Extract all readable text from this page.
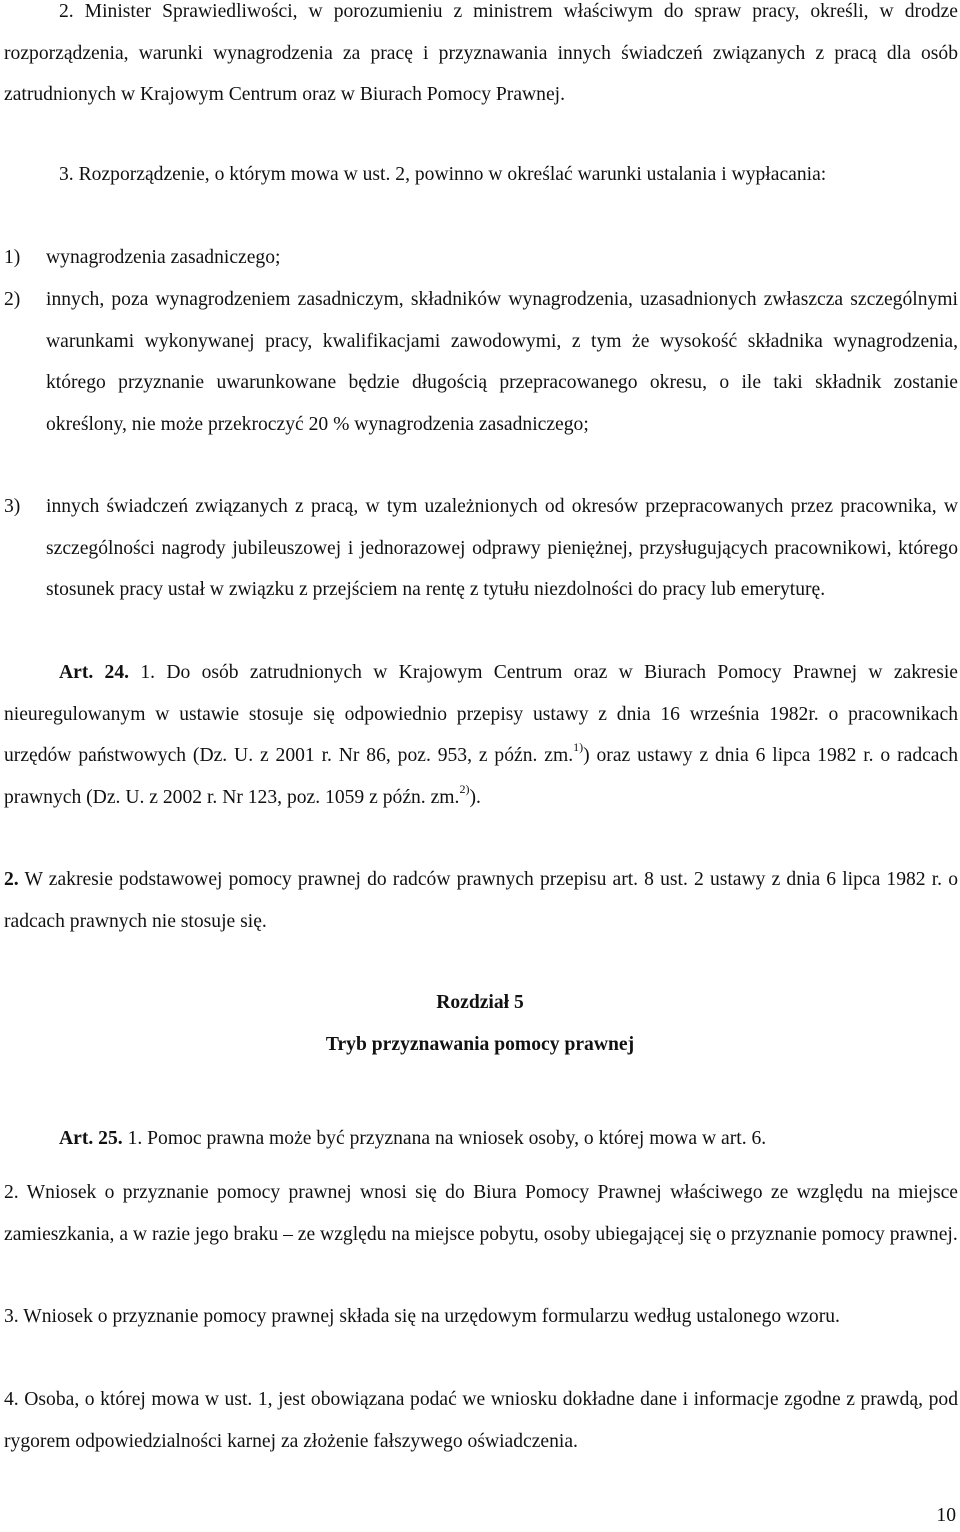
2. Minister Sprawiedliwości, w porozumieniu z ministrem właściwym do spraw pracy, określi, w drodze rozporządzenia, warunki wynagrodzenia za pracę i przyznawania innych świadczeń związanych z pracą dla osób zatrudnionych w Krajowym Centrum oraz w Biurach Pomocy Prawnej.

3. Rozporządzenie, o którym mowa w ust. 2, powinno w określać warunki ustalania i wypłacania:

1) wynagrodzenia zasadniczego;

2) innych, poza wynagrodzeniem zasadniczym, składników wynagrodzenia, uzasadnionych zwłaszcza szczególnymi warunkami wykonywanej pracy, kwalifikacjami zawodowymi, z tym że wysokość składnika wynagrodzenia, którego przyznanie uwarunkowane będzie długością przepracowanego okresu, o ile taki składnik zostanie określony, nie może przekroczyć 20 % wynagrodzenia zasadniczego;

3) innych świadczeń związanych z pracą, w tym uzależnionych od okresów przepracowanych przez pracownika, w szczególności nagrody jubileuszowej i jednorazowej odprawy pieniężnej, przysługujących pracownikowi, którego stosunek pracy ustał w związku z przejściem na rentę z tytułu niezdolności do pracy lub emeryturę.

Art. 24. 1. Do osób zatrudnionych w Krajowym Centrum oraz w Biurach Pomocy Prawnej w zakresie nieuregulowanym w ustawie stosuje się odpowiednio przepisy ustawy z dnia 16 września 1982r. o pracownikach urzędów państwowych (Dz. U. z 2001 r. Nr 86, poz. 953, z późn. zm.$^{1)}$) oraz ustawy z dnia 6 lipca 1982 r. o radcach prawnych (Dz. U. z 2002 r. Nr 123, poz. 1059 z późn. zm.$^{2)}$).

2. W zakresie podstawowej pomocy prawnej do radców prawnych przepisu art. 8 ust. 2 ustawy z dnia 6 lipca 1982 r. o radcach prawnych nie stosuje się.

Rozdział 5

Tryb przyznawania pomocy prawnej

Art. 25. 1. Pomoc prawna może być przyznana na wniosek osoby, o której mowa w art. 6.

2. Wniosek o przyznanie pomocy prawnej wnosi się do Biura Pomocy Prawnej właściwego ze względu na miejsce zamieszkania, a w razie jego braku – ze względu na miejsce pobytu, osoby ubiegającej się o przyznanie pomocy prawnej.

3. Wniosek o przyznanie pomocy prawnej składa się na urzędowym formularzu według ustalonego wzoru.

4. Osoba, o której mowa w ust. 1, jest obowiązana podać we wniosku dokładne dane i informacje zgodne z prawdą, pod rygorem odpowiedzialności karnej za złożenie fałszywego oświadczenia.

10
